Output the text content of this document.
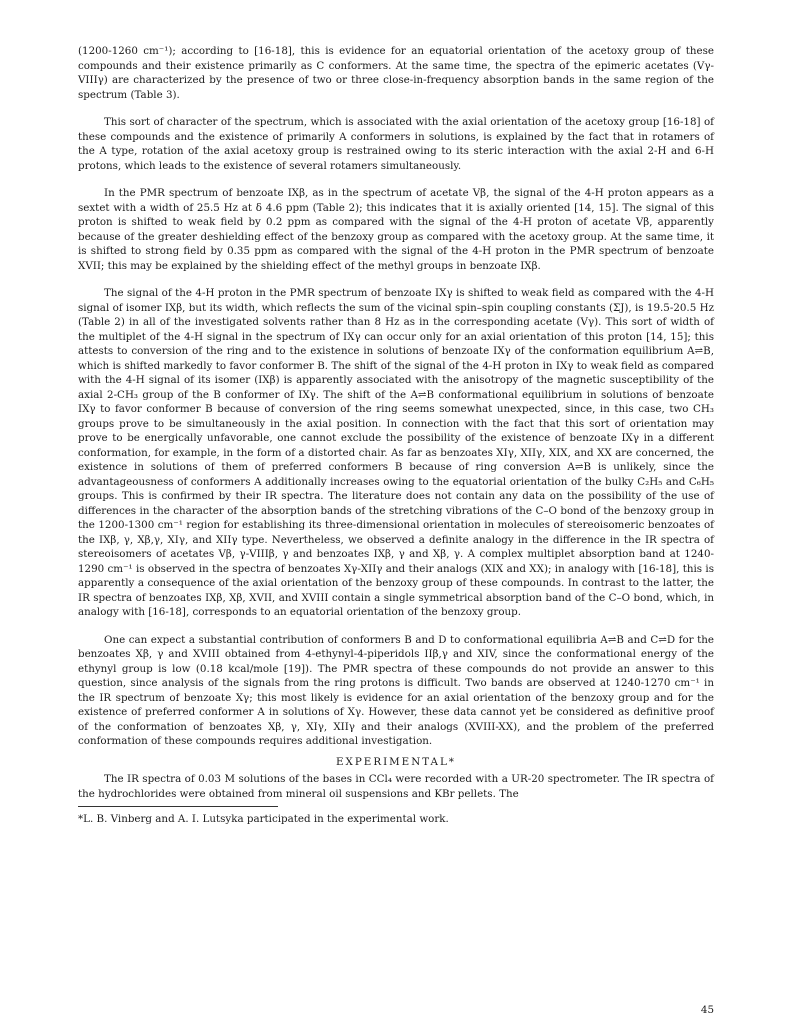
(1200-1260 cm⁻¹); according to [16-18], this is evidence for an equatorial orientation of the acetoxy group of these compounds and their existence primarily as C conformers. At the same time, the spectra of the epimeric acetates (Vγ-VIIIγ) are characterized by the presence of two or three close-in-frequency absorption bands in the same region of the spectrum (Table 3).

This sort of character of the spectrum, which is associated with the axial orientation of the acetoxy group [16-18] of these compounds and the existence of primarily A conformers in solutions, is explained by the fact that in rotamers of the A type, rotation of the axial acetoxy group is restrained owing to its steric interaction with the axial 2-H and 6-H protons, which leads to the existence of several rotamers simultaneously.

In the PMR spectrum of benzoate IXβ, as in the spectrum of acetate Vβ, the signal of the 4-H proton appears as a sextet with a width of 25.5 Hz at δ 4.6 ppm (Table 2); this indicates that it is axially oriented [14, 15]. The signal of this proton is shifted to weak field by 0.2 ppm as compared with the signal of the 4-H proton of acetate Vβ, apparently because of the greater deshielding effect of the benzoxy group as compared with the acetoxy group. At the same time, it is shifted to strong field by 0.35 ppm as compared with the signal of the 4-H proton in the PMR spectrum of benzoate XVII; this may be explained by the shielding effect of the methyl groups in benzoate IXβ.

The signal of the 4-H proton in the PMR spectrum of benzoate IXγ is shifted to weak field as compared with the 4-H signal of isomer IXβ, but its width, which reflects the sum of the vicinal spin–spin coupling constants (ΣJ), is 19.5-20.5 Hz (Table 2) in all of the investigated solvents rather than 8 Hz as in the corresponding acetate (Vγ). This sort of width of the multiplet of the 4-H signal in the spectrum of IXγ can occur only for an axial orientation of this proton [14, 15]; this attests to conversion of the ring and to the existence in solutions of benzoate IXγ of the conformation equilibrium A⇌B, which is shifted markedly to favor conformer B. The shift of the signal of the 4-H proton in IXγ to weak field as compared with the 4-H signal of its isomer (IXβ) is apparently associated with the anisotropy of the magnetic susceptibility of the axial 2-CH₃ group of the B conformer of IXγ. The shift of the A⇌B conformational equilibrium in solutions of benzoate IXγ to favor conformer B because of conversion of the ring seems somewhat unexpected, since, in this case, two CH₃ groups prove to be simultaneously in the axial position. In connection with the fact that this sort of orientation may prove to be energically unfavorable, one cannot exclude the possibility of the existence of benzoate IXγ in a different conformation, for example, in the form of a distorted chair. As far as benzoates XIγ, XIIγ, XIX, and XX are concerned, the existence in solutions of them of preferred conformers B because of ring conversion A⇌B is unlikely, since the advantageousness of conformers A additionally increases owing to the equatorial orientation of the bulky C₂H₅ and C₆H₅ groups. This is confirmed by their IR spectra. The literature does not contain any data on the possibility of the use of differences in the character of the absorption bands of the stretching vibrations of the C–O bond of the benzoxy group in the 1200-1300 cm⁻¹ region for establishing its three-dimensional orientation in molecules of stereoisomeric benzoates of the IXβ, γ, Xβ,γ, XIγ, and XIIγ type. Nevertheless, we observed a definite analogy in the difference in the IR spectra of stereoisomers of acetates Vβ, γ-VIIIβ, γ and benzoates IXβ, γ and Xβ, γ. A complex multiplet absorption band at 1240-1290 cm⁻¹ is observed in the spectra of benzoates Xγ-XIIγ and their analogs (XIX and XX); in analogy with [16-18], this is apparently a consequence of the axial orientation of the benzoxy group of these compounds. In contrast to the latter, the IR spectra of benzoates IXβ, Xβ, XVII, and XVIII contain a single symmetrical absorption band of the C–O bond, which, in analogy with [16-18], corresponds to an equatorial orientation of the benzoxy group.

One can expect a substantial contribution of conformers B and D to conformational equilibria A⇌B and C⇌D for the benzoates Xβ, γ and XVIII obtained from 4-ethynyl-4-piperidols IIβ,γ and XIV, since the conformational energy of the ethynyl group is low (0.18 kcal/mole [19]). The PMR spectra of these compounds do not provide an answer to this question, since analysis of the signals from the ring protons is difficult. Two bands are observed at 1240-1270 cm⁻¹ in the IR spectrum of benzoate Xγ; this most likely is evidence for an axial orientation of the benzoxy group and for the existence of preferred conformer A in solutions of Xγ. However, these data cannot yet be considered as definitive proof of the conformation of benzoates Xβ, γ, XIγ, XIIγ and their analogs (XVIII-XX), and the problem of the preferred conformation of these compounds requires additional investigation.

EXPERIMENTAL*

The IR spectra of 0.03 M solutions of the bases in CCl₄ were recorded with a UR-20 spectrometer. The IR spectra of the hydrochlorides were obtained from mineral oil suspensions and KBr pellets. The

*L. B. Vinberg and A. I. Lutsyka participated in the experimental work.

45
